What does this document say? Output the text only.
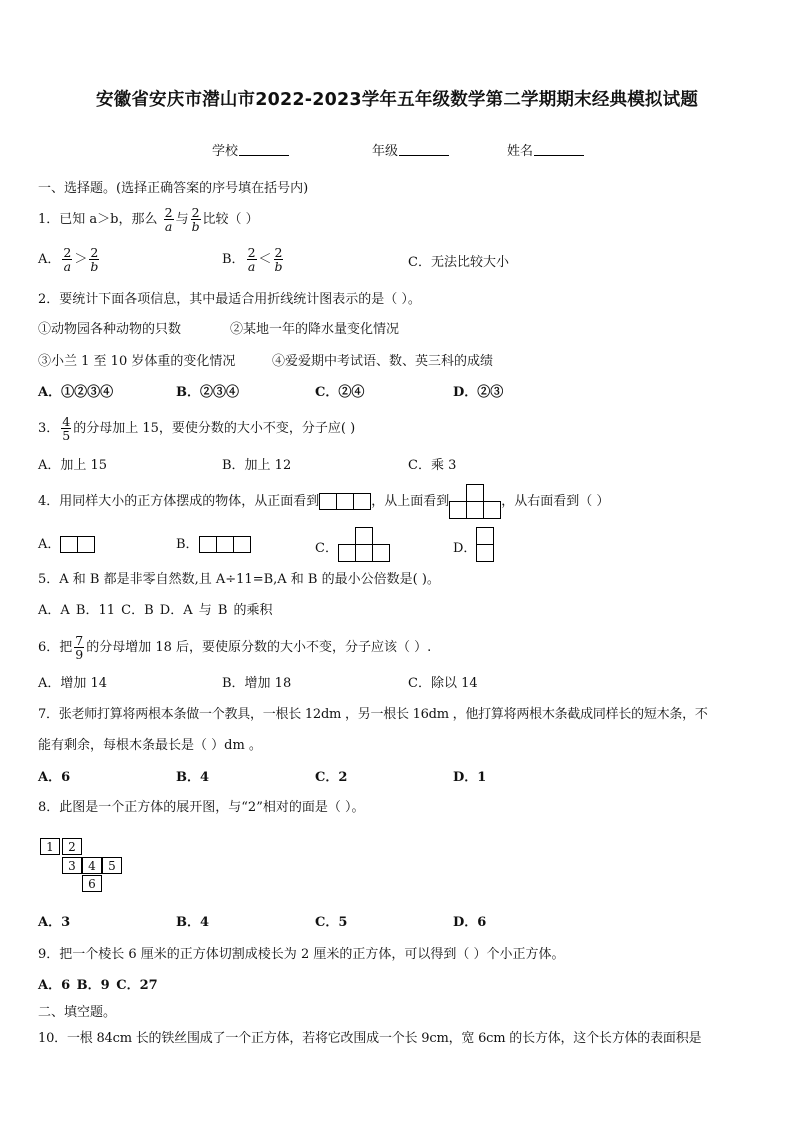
安徽省安庆市潜山市2022-2023学年五年级数学第二学期期末经典模拟试题
学校	年级	姓名
一、选择题。(选择正确答案的序号填在括号内)
1．已知 a＞b，那么 $\frac{2}{a}$ 与 $\frac{2}{b}$ 比较（ ）
A． $\frac{2}{a} > \frac{2}{b}$	B． $\frac{2}{a} < \frac{2}{b}$	C．无法比较大小
2．要统计下面各项信息，其中最适合用折线统计图表示的是（ ）。
①动物园各种动物的只数	②某地一年的降水量变化情况
③小兰 1 至 10 岁体重的变化情况	④爱爱期中考试语、数、英三科的成绩
A．①②③④	B．②③④	C．②④	D．②③
3． $\frac{4}{5}$ 的分母加上 15，要使分数的大小不变，分子应( )
A．加上 15	B．加上 12	C．乘 3
4．用同样大小的正方体摆成的物体，从正面看到	，从上面看到	，从右面看到（ ）
A．	B．	C．	D．
5．A 和 B 都是非零自然数,且 A÷11=B,A 和 B 的最小公倍数是( )。
A．A B．11 C．B D．A 与 B 的乘积
6．把 $\frac{7}{9}$ 的分母增加 18 后，要使原分数的大小不变，分子应该（ ）.
A．增加 14	B．增加 18	C．除以 14
7．张老师打算将两根本条做一个教具，一根长 12dm ，另一根长 16dm ，他打算将两根木条截成同样长的短木条，不
能有剩余，每根木条最长是（ ）dm 。
A．6	B．4	C．2	D．1
8．此图是一个正方体的展开图，与“2”相对的面是（ ）。
1	2
3	4	5
6
A．3	B．4	C．5	D．6
9．把一个棱长 6 厘米的正方体切割成棱长为 2 厘米的正方体，可以得到（ ）个小正方体。
A．6 B．9 C．27
二、填空题。
10．一根 84cm 长的铁丝围成了一个正方体，若将它改围成一个长 9cm，宽 6cm 的长方体，这个长方体的表面积是
